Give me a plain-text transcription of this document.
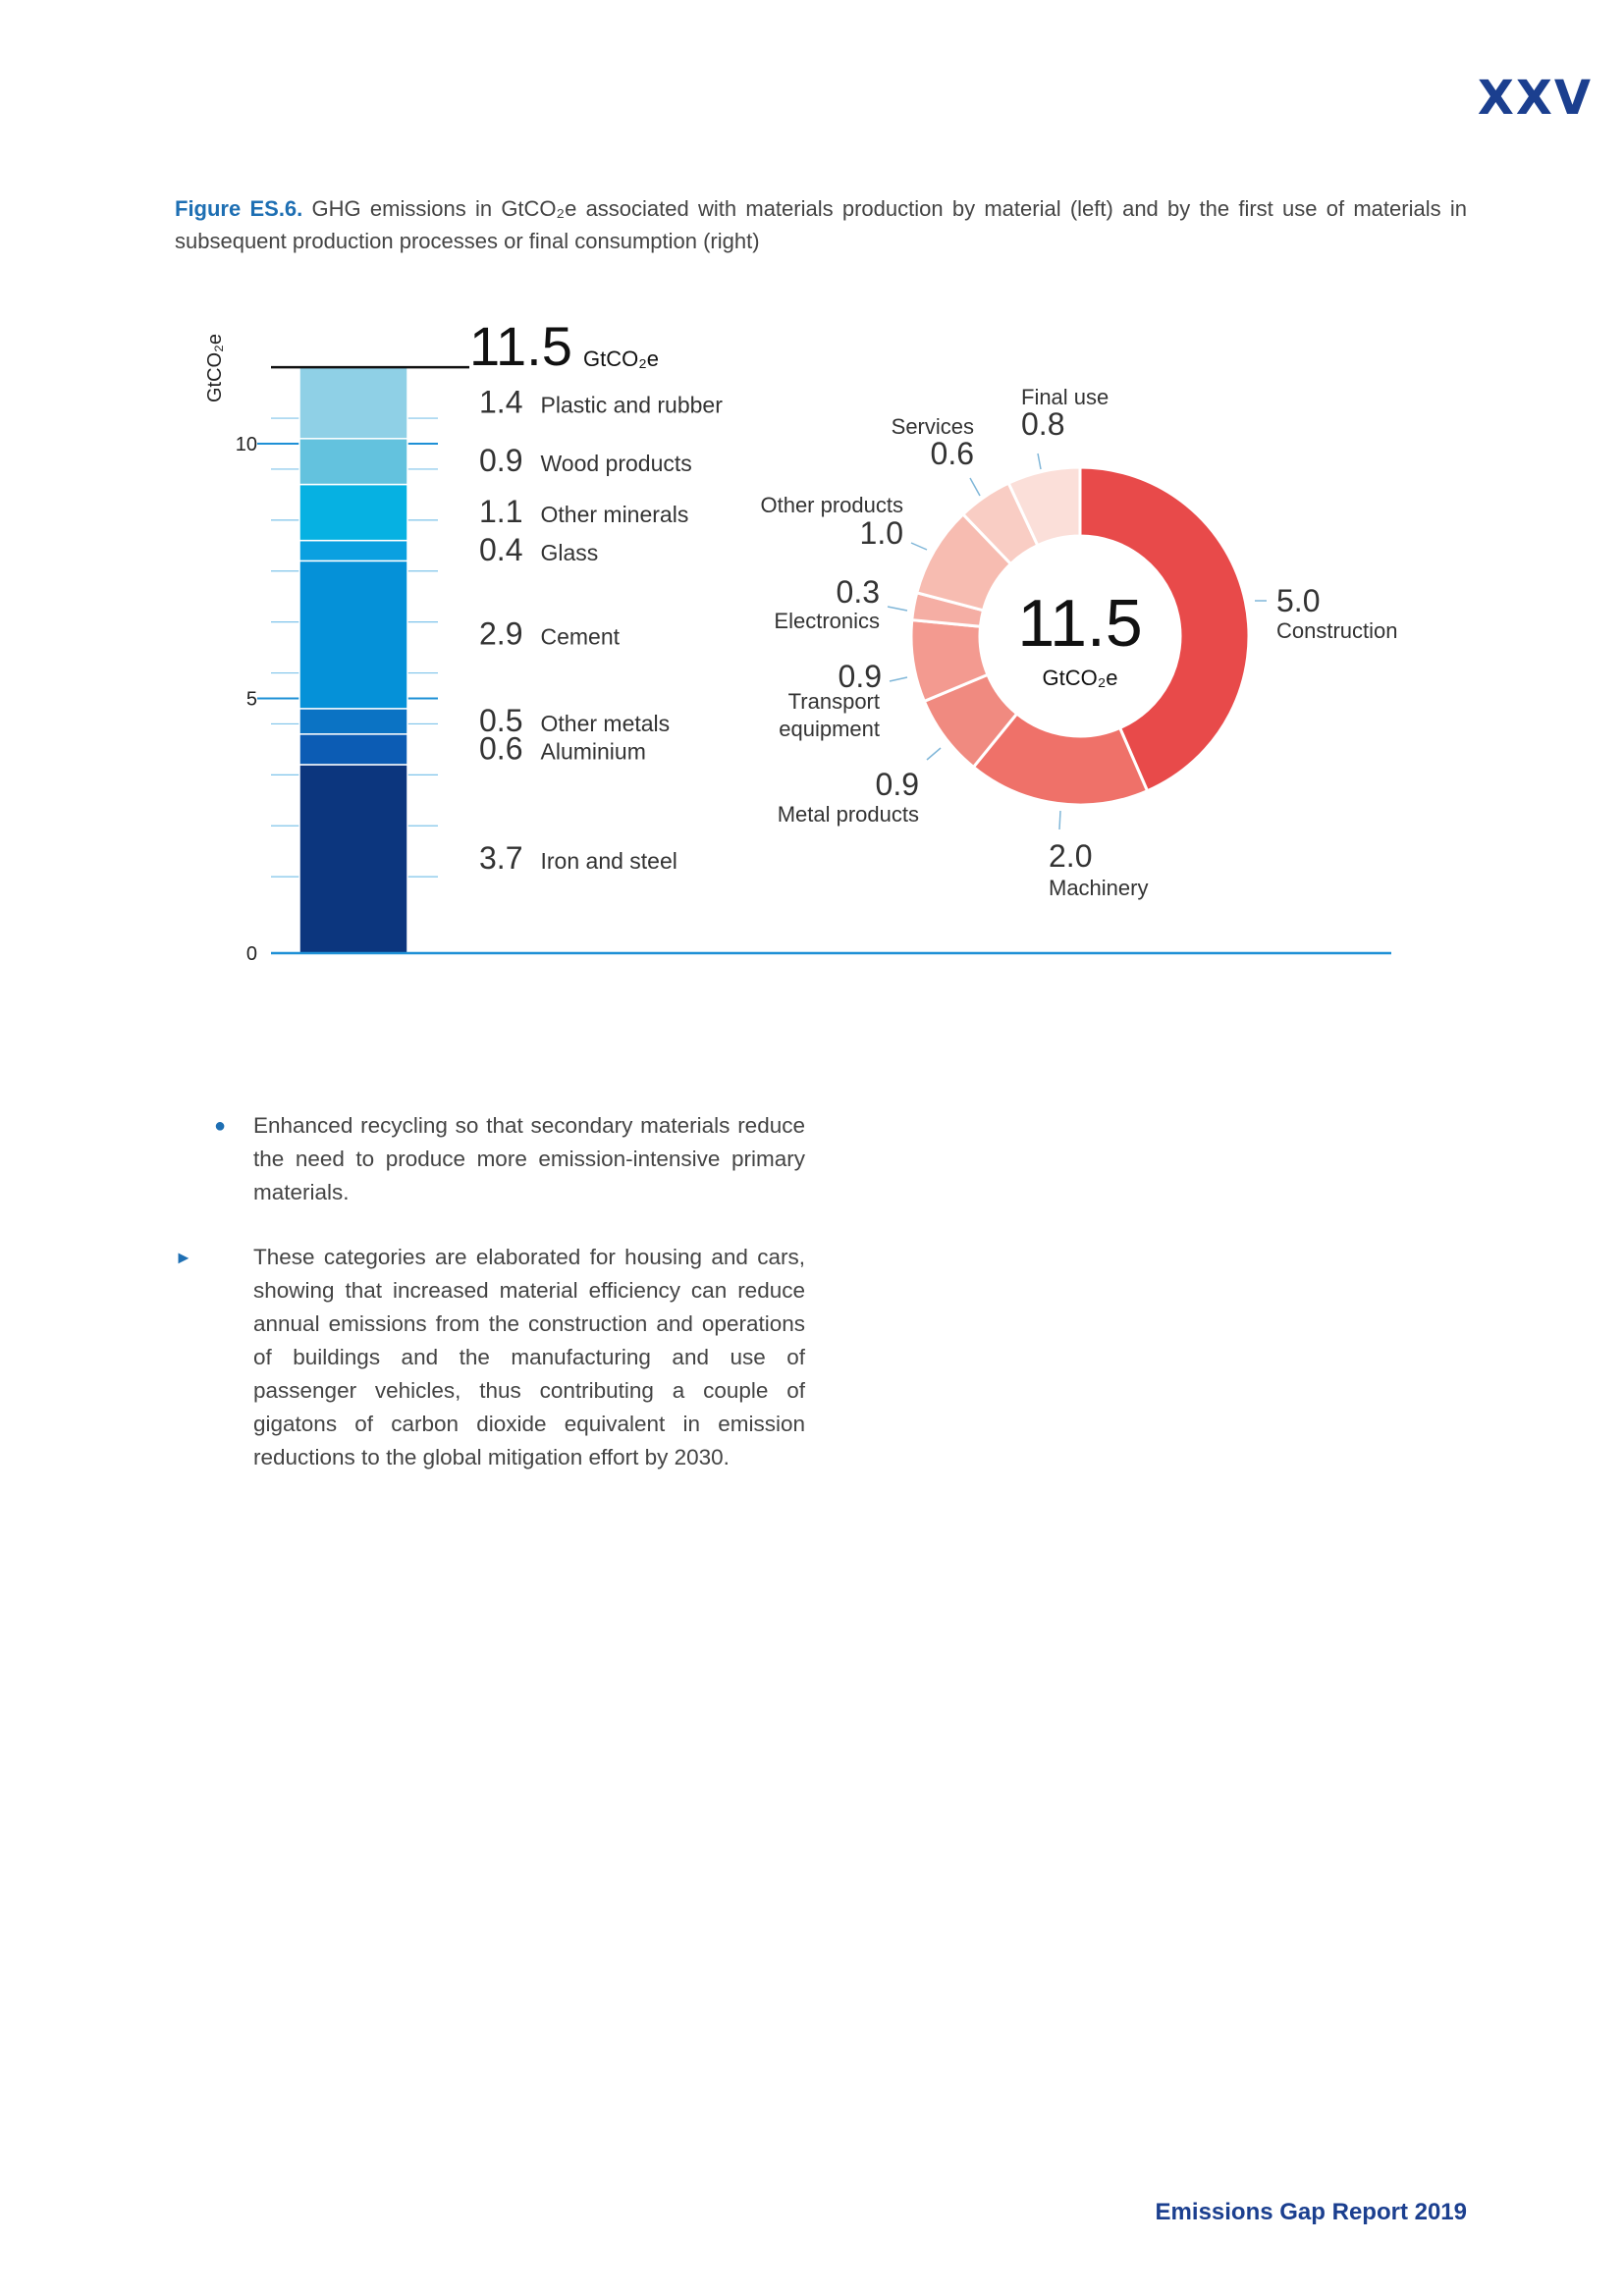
XXV
Figure ES.6. GHG emissions in GtCO₂e associated with materials production by material (left) and by the first use of materials in subsequent production processes or final consumption (right)
GtCO₂e
0
5
10
3.7 Iron and steel
0.6 Aluminium
0.5 Other metals
2.9 Cement
0.4 Glass
1.1 Other minerals
0.9 Wood products
1.4 Plastic and rubber
11.5 GtCO₂e
5.0
Construction
2.0
Machinery
0.9
Metal products
0.9
Transport
equipment
0.3
Electronics
1.0
Other products
0.6
Services 0.8
Final use
11.5
GtCO₂e
● Enhanced recycling so that secondary materials reduce the need to produce more emission-intensive primary materials.
►	These categories are elaborated for housing and cars, showing that increased material efficiency can reduce annual emissions from the construction and operations of buildings and the manufacturing and use of passenger vehicles, thus contributing a couple of gigatons of carbon dioxide equivalent in emission reductions to the global mitigation effort by 2030.
Emissions Gap Report 2019
